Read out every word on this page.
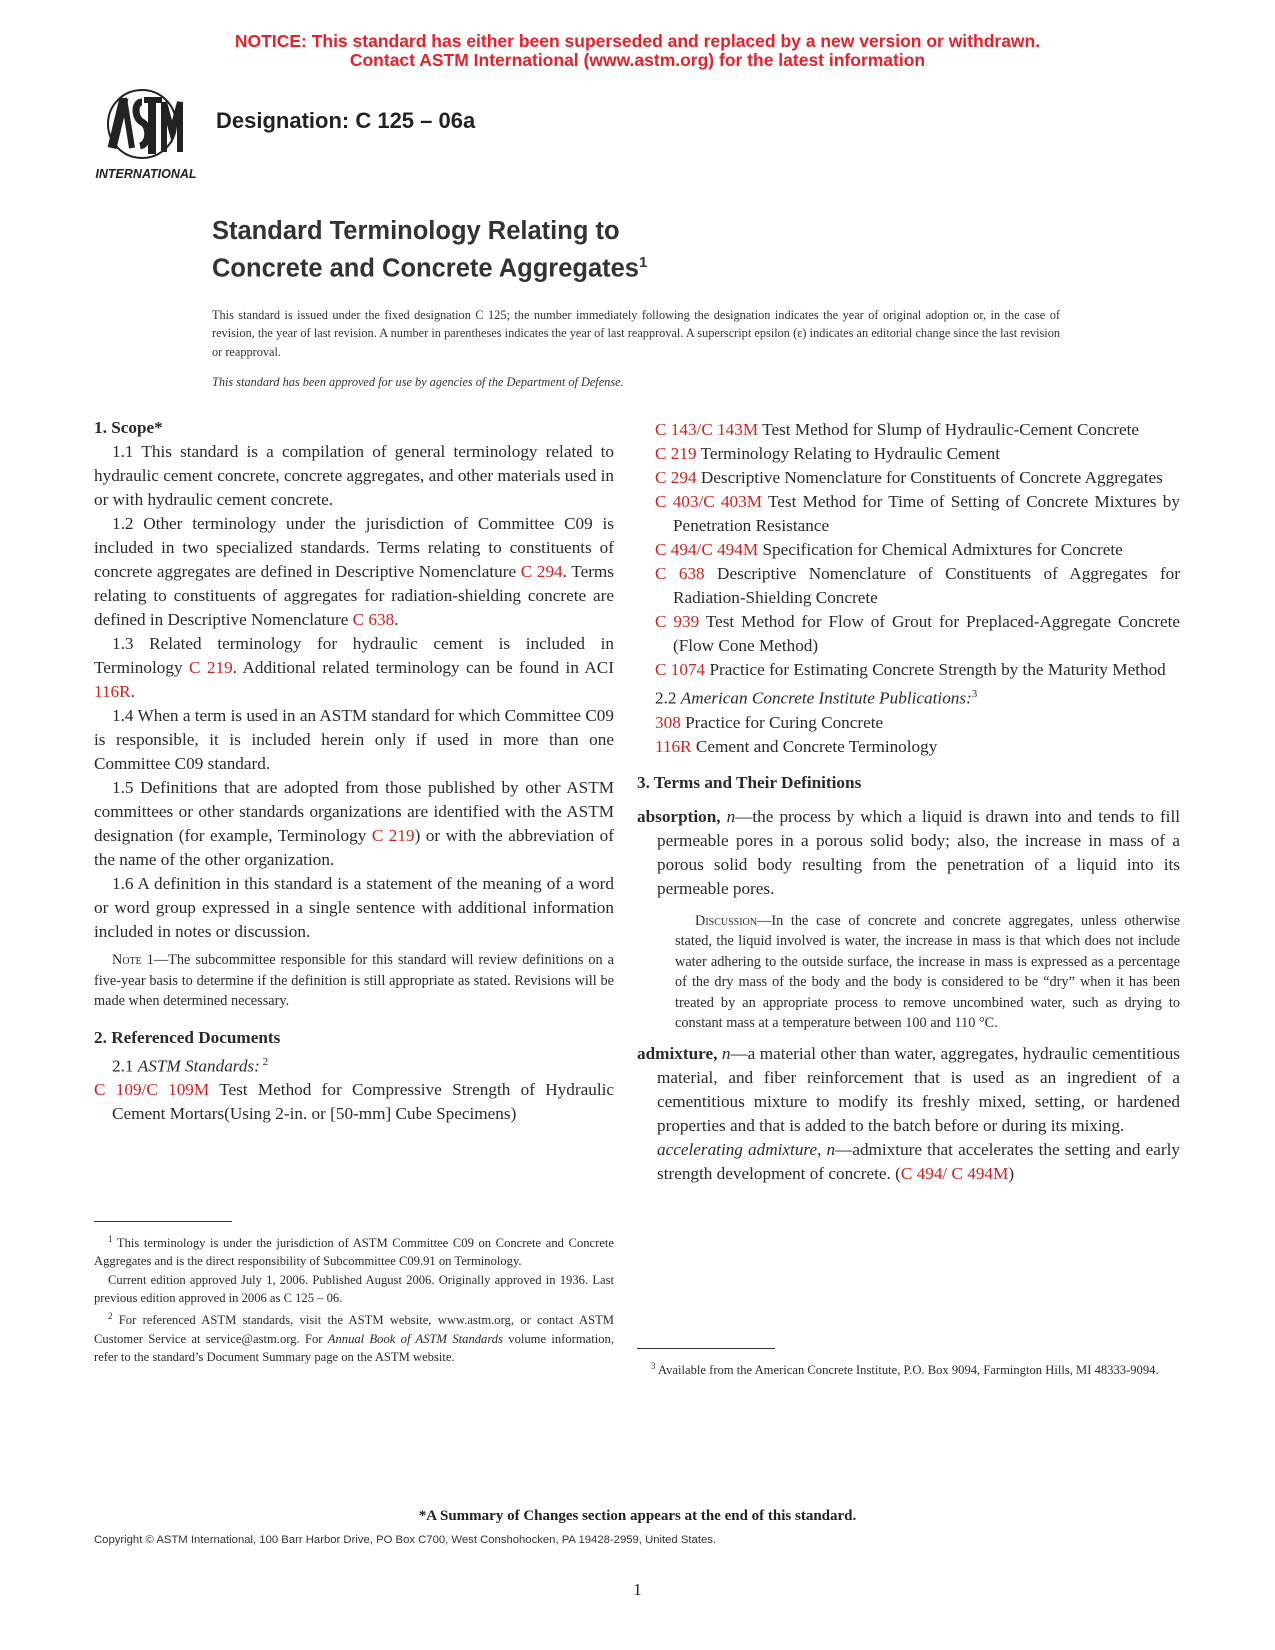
NOTICE: This standard has either been superseded and replaced by a new version or withdrawn.
Contact ASTM International (www.astm.org) for the latest information
INTERNATIONAL
Designation: C 125 – 06a
Standard Terminology Relating to
Concrete and Concrete Aggregates$^1$
This standard is issued under the fixed designation C 125; the number immediately following the designation indicates the year of original adoption or, in the case of revision, the year of last revision. A number in parentheses indicates the year of last reapproval. A superscript epsilon (ε) indicates an editorial change since the last revision or reapproval.
This standard has been approved for use by agencies of the Department of Defense.

1. Scope*

1.1 This standard is a compilation of general terminology related to hydraulic cement concrete, concrete aggregates, and other materials used in or with hydraulic cement concrete.

1.2 Other terminology under the jurisdiction of Committee C09 is included in two specialized standards. Terms relating to constituents of concrete aggregates are defined in Descriptive Nomenclature C 294. Terms relating to constituents of aggregates for radiation-shielding concrete are defined in Descriptive Nomenclature C 638.

1.3 Related terminology for hydraulic cement is included in Terminology C 219. Additional related terminology can be found in ACI 116R.

1.4 When a term is used in an ASTM standard for which Committee C09 is responsible, it is included herein only if used in more than one Committee C09 standard.

1.5 Definitions that are adopted from those published by other ASTM committees or other standards organizations are identified with the ASTM designation (for example, Terminology C 219) or with the abbreviation of the name of the other organization.

1.6 A definition in this standard is a statement of the meaning of a word or word group expressed in a single sentence with additional information included in notes or discussion.

Note 1—The subcommittee responsible for this standard will review definitions on a five-year basis to determine if the definition is still appropriate as stated. Revisions will be made when determined necessary.

2. Referenced Documents

2.1 ASTM Standards: $^2$

C 109/C 109M Test Method for Compressive Strength of Hydraulic Cement Mortars(Using 2-in. or [50-mm] Cube Specimens)

$^1$ This terminology is under the jurisdiction of ASTM Committee C09 on Concrete and Concrete Aggregates and is the direct responsibility of Subcommittee C09.91 on Terminology.

Current edition approved July 1, 2006. Published August 2006. Originally approved in 1936. Last previous edition approved in 2006 as C 125 – 06.

$^2$ For referenced ASTM standards, visit the ASTM website, www.astm.org, or contact ASTM Customer Service at service@astm.org. For Annual Book of ASTM Standards volume information, refer to the standard’s Document Summary page on the ASTM website.

C 143/C 143M Test Method for Slump of Hydraulic-Cement Concrete

C 219 Terminology Relating to Hydraulic Cement

C 294 Descriptive Nomenclature for Constituents of Concrete Aggregates

C 403/C 403M Test Method for Time of Setting of Concrete Mixtures by Penetration Resistance

C 494/C 494M Specification for Chemical Admixtures for Concrete

C 638 Descriptive Nomenclature of Constituents of Aggregates for Radiation-Shielding Concrete

C 939 Test Method for Flow of Grout for Preplaced-Aggregate Concrete (Flow Cone Method)

C 1074 Practice for Estimating Concrete Strength by the Maturity Method

2.2 American Concrete Institute Publications:$^3$

308 Practice for Curing Concrete

116R Cement and Concrete Terminology

3. Terms and Their Definitions

absorption, n—the process by which a liquid is drawn into and tends to fill permeable pores in a porous solid body; also, the increase in mass of a porous solid body resulting from the penetration of a liquid into its permeable pores.

Discussion—In the case of concrete and concrete aggregates, unless otherwise stated, the liquid involved is water, the increase in mass is that which does not include water adhering to the outside surface, the increase in mass is expressed as a percentage of the dry mass of the body and the body is considered to be “dry” when it has been treated by an appropriate process to remove uncombined water, such as drying to constant mass at a temperature between 100 and 110 °C.

admixture, n—a material other than water, aggregates, hydraulic cementitious material, and fiber reinforcement that is used as an ingredient of a cementitious mixture to modify its freshly mixed, setting, or hardened properties and that is added to the batch before or during its mixing.

accelerating admixture, n—admixture that accelerates the setting and early strength development of concrete. (C 494/ C 494M)

$^3$ Available from the American Concrete Institute, P.O. Box 9094, Farmington Hills, MI 48333-9094.

*A Summary of Changes section appears at the end of this standard.
Copyright © ASTM International, 100 Barr Harbor Drive, PO Box C700, West Conshohocken, PA 19428-2959, United States.
1
